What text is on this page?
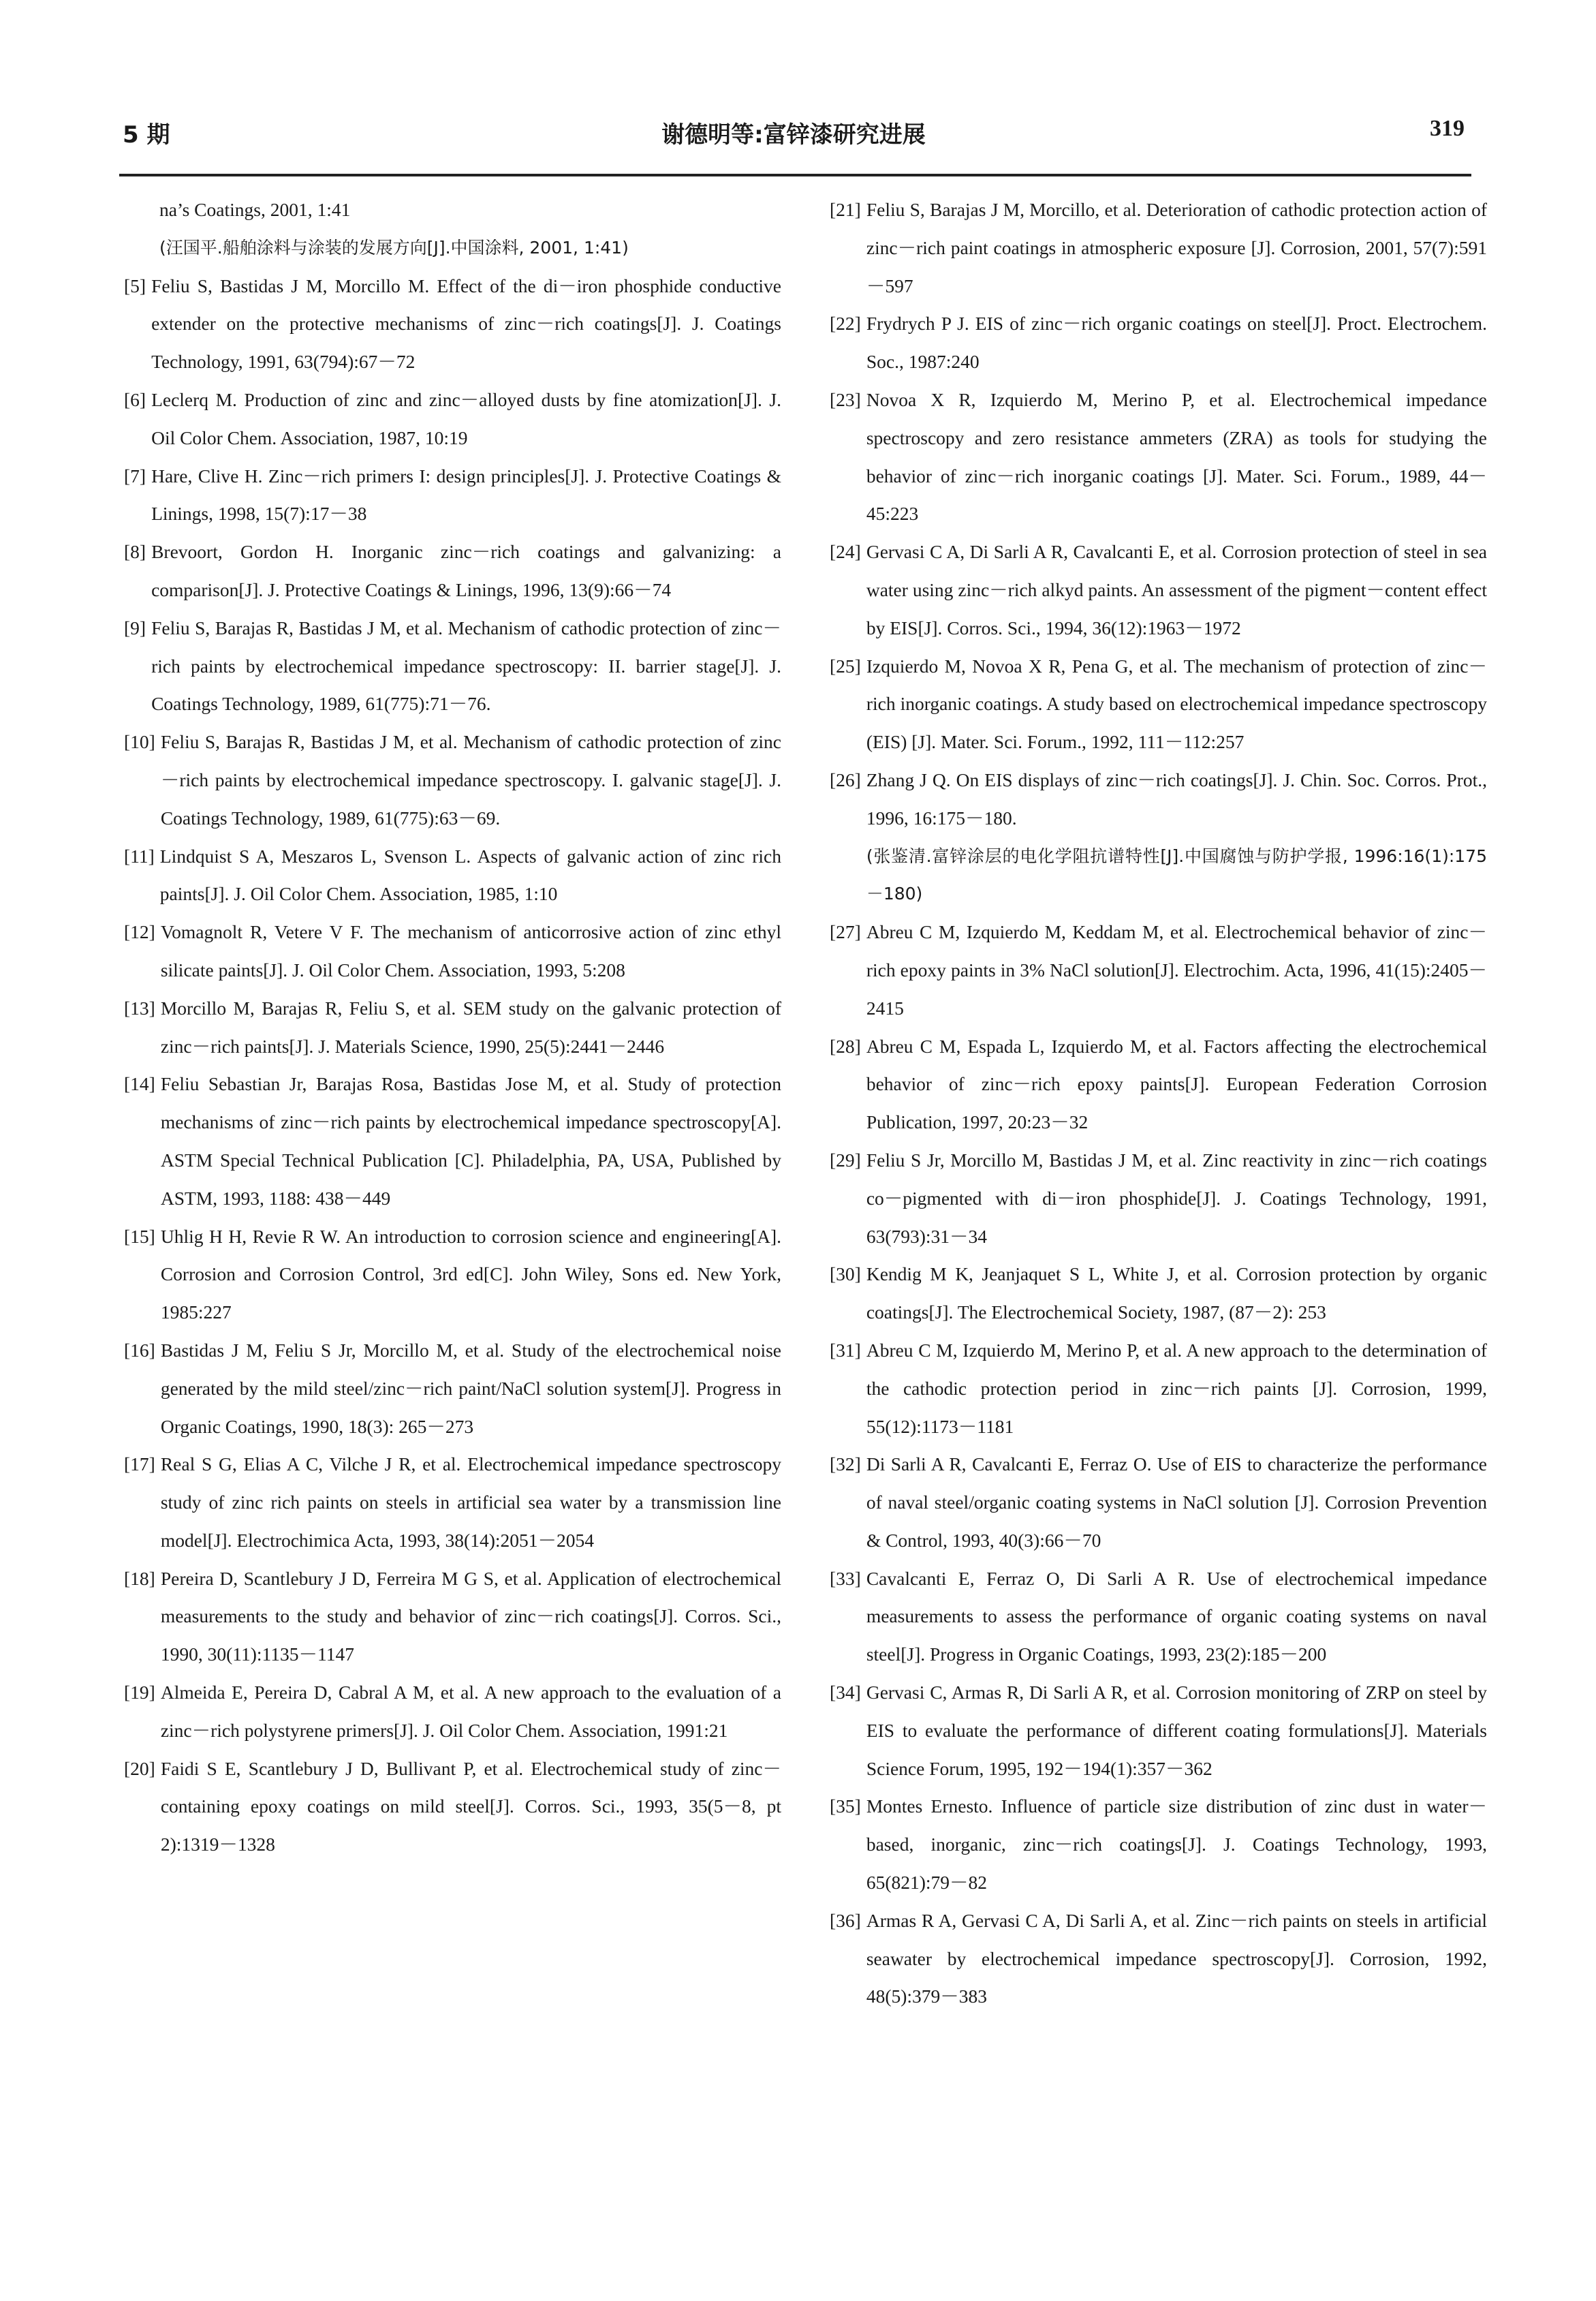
5 期	谢德明等:富锌漆研究进展	319
na’s Coatings, 2001, 1:41
(汪国平.船舶涂料与涂装的发展方向[J].中国涂料, 2001, 1:41)
[5] Feliu S, Bastidas J M, Morcillo M. Effect of the di－iron phosphide conductive extender on the protective mechanisms of zinc－rich coatings[J]. J. Coatings Technology, 1991, 63(794):67－72
[6] Leclerq M. Production of zinc and zinc－alloyed dusts by fine atomization[J]. J. Oil Color Chem. Association, 1987, 10:19
[7] Hare, Clive H. Zinc－rich primers I: design principles[J]. J. Protective Coatings & Linings, 1998, 15(7):17－38
[8] Brevoort, Gordon H. Inorganic zinc－rich coatings and galvanizing: a comparison[J]. J. Protective Coatings & Linings, 1996, 13(9):66－74
[9] Feliu S, Barajas R, Bastidas J M, et al. Mechanism of cathodic protection of zinc－rich paints by electrochemical impedance spectroscopy: II. barrier stage[J]. J. Coatings Technology, 1989, 61(775):71－76.
[10] Feliu S, Barajas R, Bastidas J M, et al. Mechanism of cathodic protection of zinc－rich paints by electrochemical impedance spectroscopy. I. galvanic stage[J]. J. Coatings Technology, 1989, 61(775):63－69.
[11] Lindquist S A, Meszaros L, Svenson L. Aspects of galvanic action of zinc rich paints[J]. J. Oil Color Chem. Association, 1985, 1:10
[12] Vomagnolt R, Vetere V F. The mechanism of anticorrosive action of zinc ethyl silicate paints[J]. J. Oil Color Chem. Association, 1993, 5:208
[13] Morcillo M, Barajas R, Feliu S, et al. SEM study on the galvanic protection of zinc－rich paints[J]. J. Materials Science, 1990, 25(5):2441－2446
[14] Feliu Sebastian Jr, Barajas Rosa, Bastidas Jose M, et al. Study of protection mechanisms of zinc－rich paints by electrochemical impedance spectroscopy[A]. ASTM Special Technical Publication [C]. Philadelphia, PA, USA, Published by ASTM, 1993, 1188: 438－449
[15] Uhlig H H, Revie R W. An introduction to corrosion science and engineering[A]. Corrosion and Corrosion Control, 3rd ed[C]. John Wiley, Sons ed. New York, 1985:227
[16] Bastidas J M, Feliu S Jr, Morcillo M, et al. Study of the electrochemical noise generated by the mild steel/zinc－rich paint/NaCl solution system[J]. Progress in Organic Coatings, 1990, 18(3): 265－273
[17] Real S G, Elias A C, Vilche J R, et al. Electrochemical impedance spectroscopy study of zinc rich paints on steels in artificial sea water by a transmission line model[J]. Electrochimica Acta, 1993, 38(14):2051－2054
[18] Pereira D, Scantlebury J D, Ferreira M G S, et al. Application of electrochemical measurements to the study and behavior of zinc－rich coatings[J]. Corros. Sci., 1990, 30(11):1135－1147
[19] Almeida E, Pereira D, Cabral A M, et al. A new approach to the evaluation of a zinc－rich polystyrene primers[J]. J. Oil Color Chem. Association, 1991:21
[20] Faidi S E, Scantlebury J D, Bullivant P, et al. Electrochemical study of zinc－containing epoxy coatings on mild steel[J]. Corros. Sci., 1993, 35(5－8, pt 2):1319－1328
[21] Feliu S, Barajas J M, Morcillo, et al. Deterioration of cathodic protection action of zinc－rich paint coatings in atmospheric exposure [J]. Corrosion, 2001, 57(7):591－597
[22] Frydrych P J. EIS of zinc－rich organic coatings on steel[J]. Proct. Electrochem. Soc., 1987:240
[23] Novoa X R, Izquierdo M, Merino P, et al. Electrochemical impedance spectroscopy and zero resistance ammeters (ZRA) as tools for studying the behavior of zinc－rich inorganic coatings [J]. Mater. Sci. Forum., 1989, 44－45:223
[24] Gervasi C A, Di Sarli A R, Cavalcanti E, et al. Corrosion protection of steel in sea water using zinc－rich alkyd paints. An assessment of the pigment－content effect by EIS[J]. Corros. Sci., 1994, 36(12):1963－1972
[25] Izquierdo M, Novoa X R, Pena G, et al. The mechanism of protection of zinc－rich inorganic coatings. A study based on electrochemical impedance spectroscopy (EIS) [J]. Mater. Sci. Forum., 1992, 111－112:257
[26] Zhang J Q. On EIS displays of zinc－rich coatings[J]. J. Chin. Soc. Corros. Prot., 1996, 16:175－180.
(张鉴清.富锌涂层的电化学阻抗谱特性[J].中国腐蚀与防护学报, 1996:16(1):175－180)
[27] Abreu C M, Izquierdo M, Keddam M, et al. Electrochemical behavior of zinc－rich epoxy paints in 3% NaCl solution[J]. Electrochim. Acta, 1996, 41(15):2405－2415
[28] Abreu C M, Espada L, Izquierdo M, et al. Factors affecting the electrochemical behavior of zinc－rich epoxy paints[J]. European Federation Corrosion Publication, 1997, 20:23－32
[29] Feliu S Jr, Morcillo M, Bastidas J M, et al. Zinc reactivity in zinc－rich coatings co－pigmented with di－iron phosphide[J]. J. Coatings Technology, 1991, 63(793):31－34
[30] Kendig M K, Jeanjaquet S L, White J, et al. Corrosion protection by organic coatings[J]. The Electrochemical Society, 1987, (87－2): 253
[31] Abreu C M, Izquierdo M, Merino P, et al. A new approach to the determination of the cathodic protection period in zinc－rich paints [J]. Corrosion, 1999, 55(12):1173－1181
[32] Di Sarli A R, Cavalcanti E, Ferraz O. Use of EIS to characterize the performance of naval steel/organic coating systems in NaCl solution [J]. Corrosion Prevention & Control, 1993, 40(3):66－70
[33] Cavalcanti E, Ferraz O, Di Sarli A R. Use of electrochemical impedance measurements to assess the performance of organic coating systems on naval steel[J]. Progress in Organic Coatings, 1993, 23(2):185－200
[34] Gervasi C, Armas R, Di Sarli A R, et al. Corrosion monitoring of ZRP on steel by EIS to evaluate the performance of different coating formulations[J]. Materials Science Forum, 1995, 192－194(1):357－362
[35] Montes Ernesto. Influence of particle size distribution of zinc dust in water－based, inorganic, zinc－rich coatings[J]. J. Coatings Technology, 1993, 65(821):79－82
[36] Armas R A, Gervasi C A, Di Sarli A, et al. Zinc－rich paints on steels in artificial seawater by electrochemical impedance spectroscopy[J]. Corrosion, 1992, 48(5):379－383
